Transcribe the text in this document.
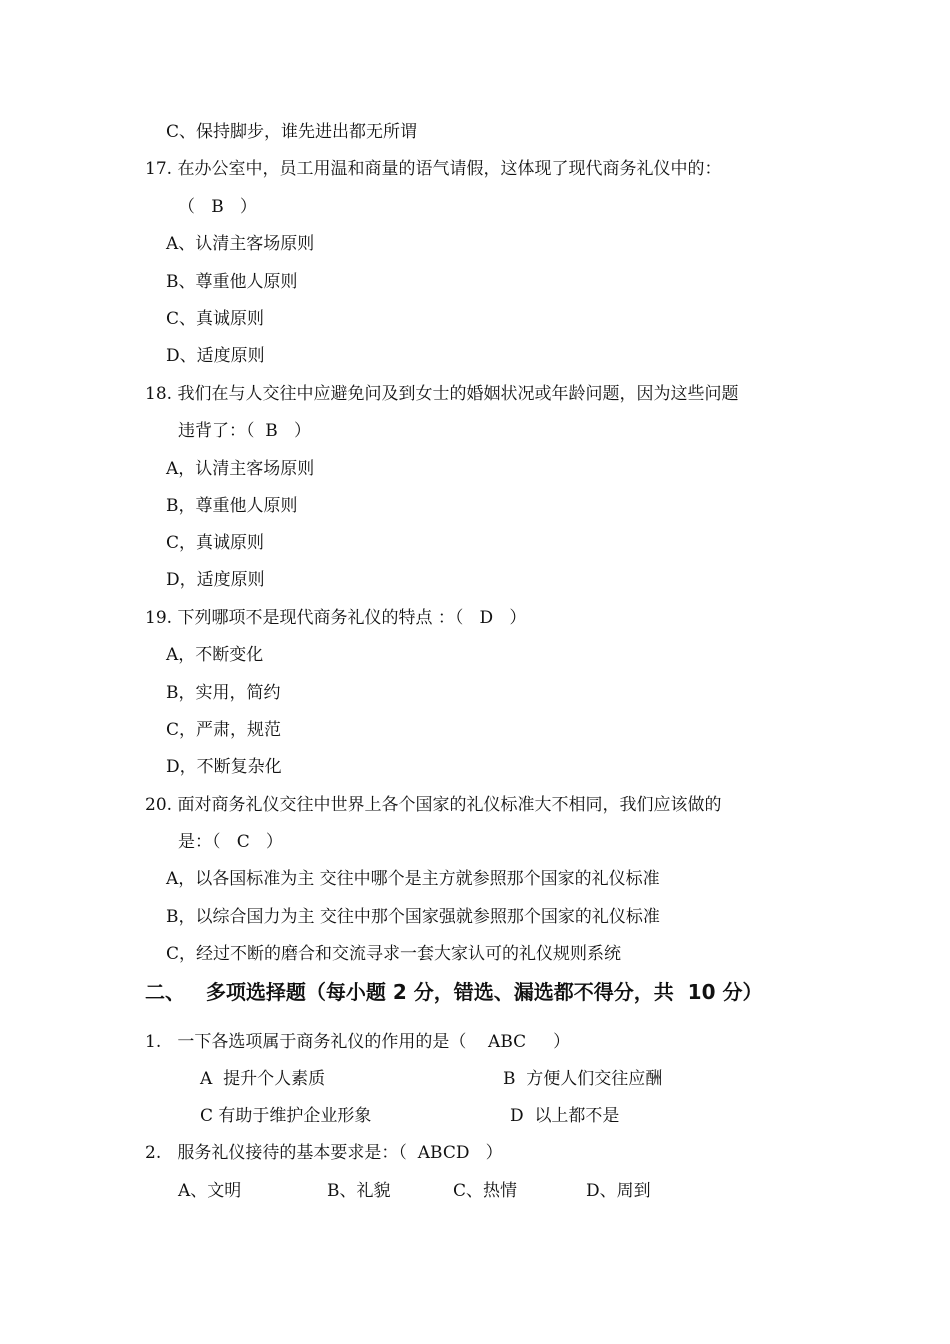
C、保持脚步，谁先进出都无所谓
17. 在办公室中，员工用温和商量的语气请假，这体现了现代商务礼仪中的：
（   B   ）
A、认清主客场原则
B、尊重他人原则
C、真诚原则
D、适度原则
18. 我们在与人交往中应避免问及到女士的婚姻状况或年龄问题，因为这些问题
违背了：（  B   ）
A，认清主客场原则
B，尊重他人原则
C，真诚原则
D，适度原则
19. 下列哪项不是现代商务礼仪的特点 ：（   D   ）
A，不断变化
B，实用，简约
C，严肃，规范
D，不断复杂化
20. 面对商务礼仪交往中世界上各个国家的礼仪标准大不相同，我们应该做的
是：（   C   ）
A，以各国标准为主 交往中哪个是主方就参照那个国家的礼仪标准
B，以综合国力为主 交往中那个国家强就参照那个国家的礼仪标准
C，经过不断的磨合和交流寻求一套大家认可的礼仪规则系统
二、   多项选择题（每小题 2 分，错选、漏选都不得分，共  10 分）
1.   一下各选项属于商务礼仪的作用的是（    ABC     ）
A  提升个人素质	B  方便人们交往应酬
C 有助于维护企业形象	D  以上都不是
2.   服务礼仪接待的基本要求是：（  ABCD   ）
A、文明	B、礼貌	C、热情	D、周到
